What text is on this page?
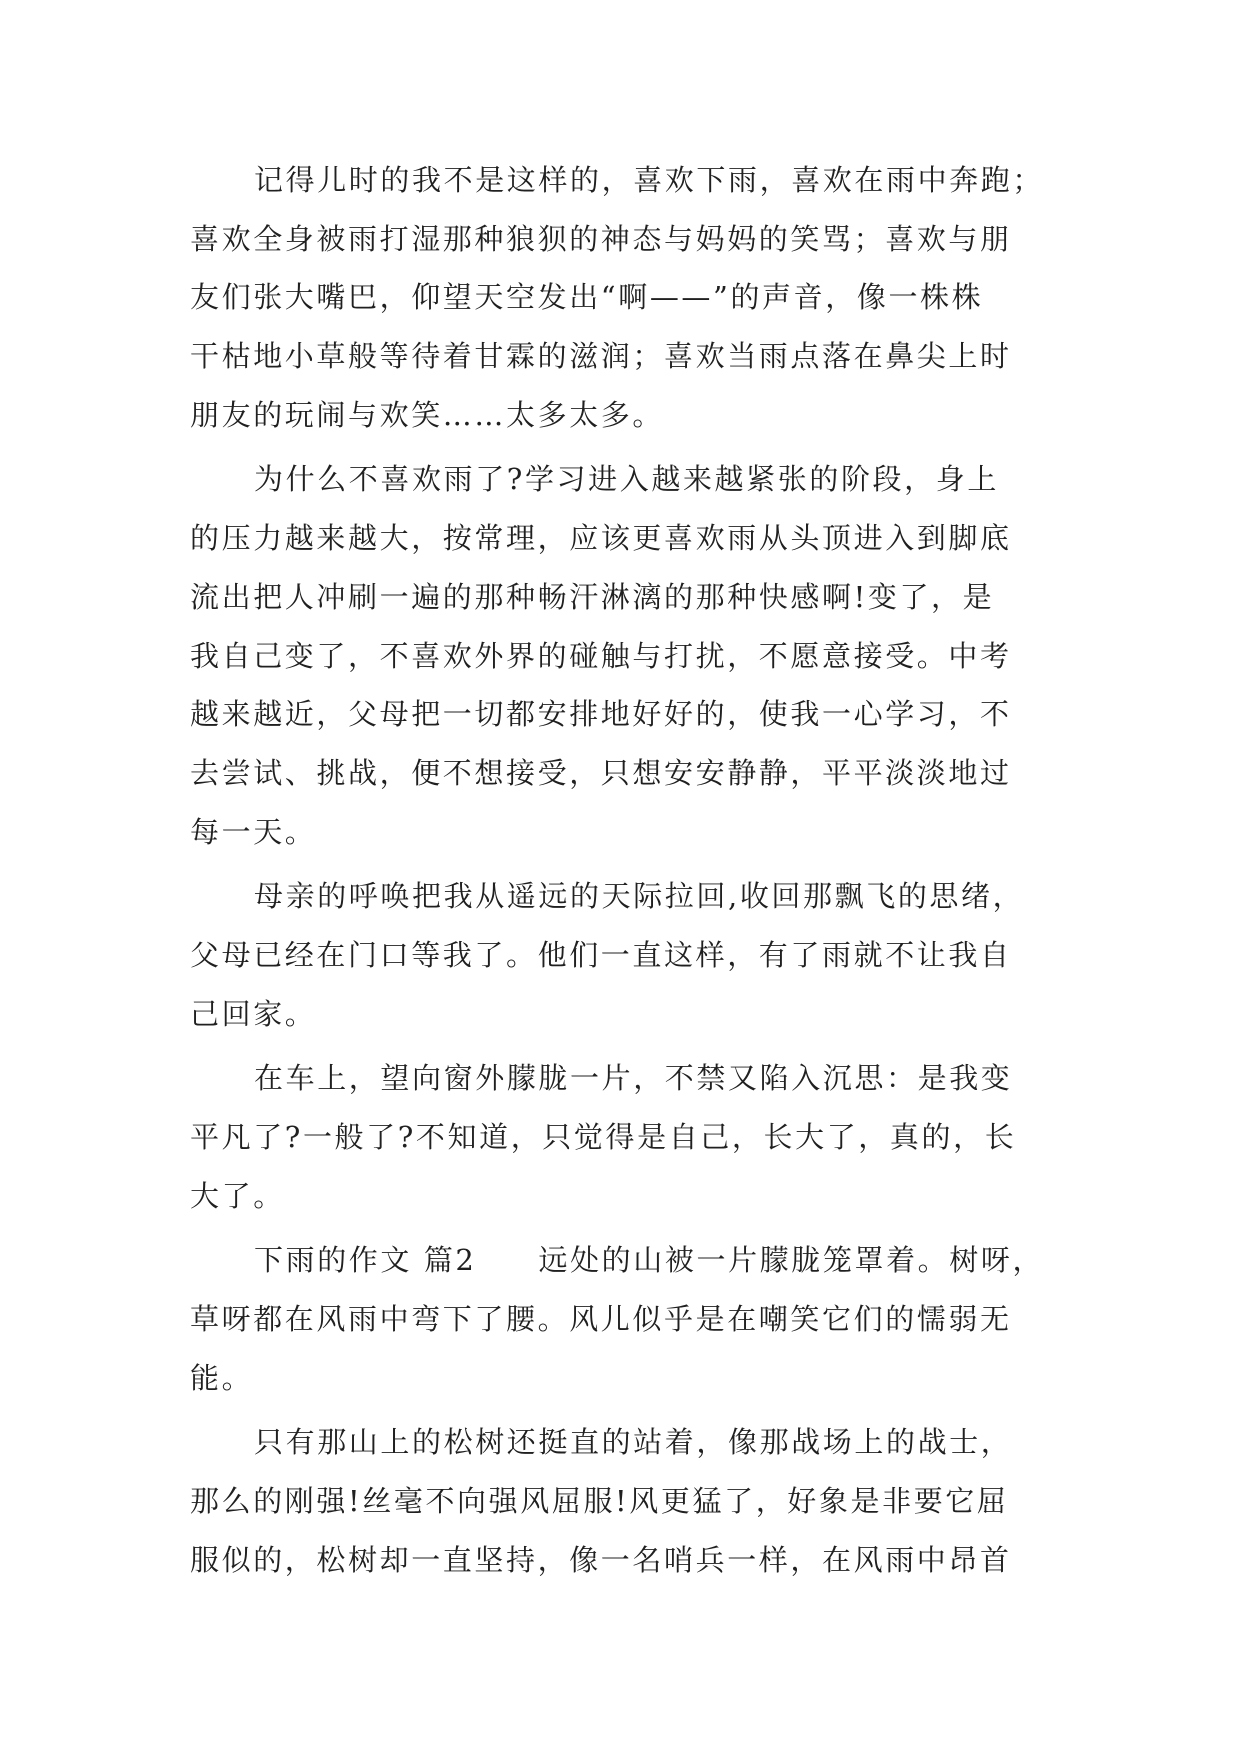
记得儿时的我不是这样的，喜欢下雨，喜欢在雨中奔跑；
喜欢全身被雨打湿那种狼狈的神态与妈妈的笑骂；喜欢与朋
友们张大嘴巴，仰望天空发出“啊——”的声音，像一株株
干枯地小草般等待着甘霖的滋润；喜欢当雨点落在鼻尖上时
朋友的玩闹与欢笑……太多太多。
为什么不喜欢雨了?学习进入越来越紧张的阶段，身上
的压力越来越大，按常理，应该更喜欢雨从头顶进入到脚底
流出把人冲刷一遍的那种畅汗淋漓的那种快感啊!变了，是
我自己变了，不喜欢外界的碰触与打扰，不愿意接受。中考
越来越近，父母把一切都安排地好好的，使我一心学习，不
去尝试、挑战，便不想接受，只想安安静静，平平淡淡地过
每一天。
母亲的呼唤把我从遥远的天际拉回,收回那飘飞的思绪，
父母已经在门口等我了。他们一直这样，有了雨就不让我自
己回家。
在车上，望向窗外朦胧一片，不禁又陷入沉思：是我变
平凡了?一般了?不知道，只觉得是自己，长大了，真的，长
大了。
下雨的作文 篇2 远处的山被一片朦胧笼罩着。树呀，
草呀都在风雨中弯下了腰。风儿似乎是在嘲笑它们的懦弱无
能。
只有那山上的松树还挺直的站着，像那战场上的战士，
那么的刚强!丝毫不向强风屈服!风更猛了，好象是非要它屈
服似的，松树却一直坚持，像一名哨兵一样，在风雨中昂首
